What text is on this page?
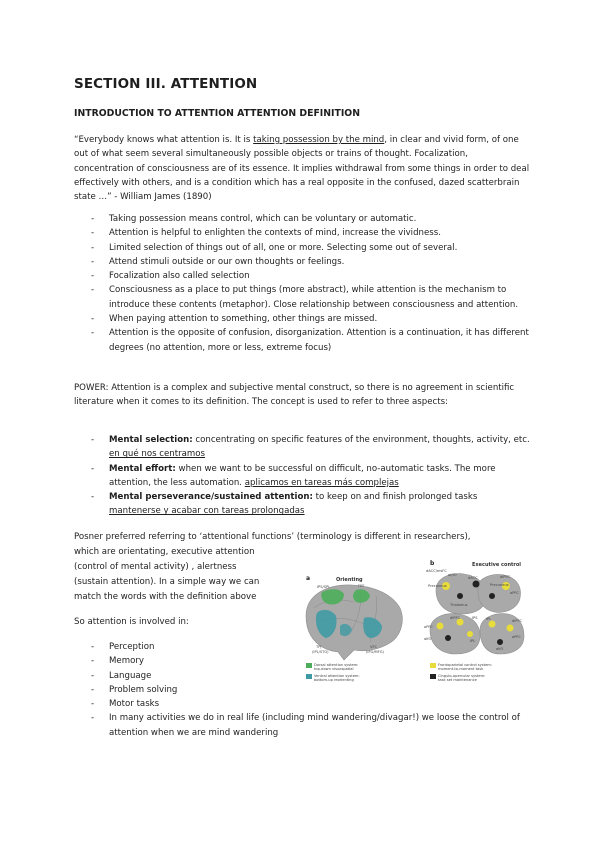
SECTION III. ATTENTION
INTRODUCTION TO ATTENTION ATTENTION DEFINITION

“Everybody knows what attention is. It is taking possession by the mind, in clear and vivid form, of one out of what seem several simultaneously possible objects or trains of thought. Focalization, concentration of consciousness are of its essence. It implies withdrawal from some things in order to deal effectively with others, and is a condition which has a real opposite in the confused, dazed scatterbrain state …” - William James (1890)

- Taking possession means control, which can be voluntary or automatic.
- Attention is helpful to enlighten the contexts of mind, increase the vividness.
- Limited selection of things out of all, one or more. Selecting some out of several.
- Attend stimuli outside or our own thoughts or feelings.
- Focalization also called selection
- Consciousness as a place to put things (more abstract), while attention is the mechanism to introduce these contents (metaphor). Close relationship between consciousness and attention.
- When paying attention to something, other things are missed.
- Attention is the opposite of confusion, disorganization. Attention is a continuation, it has different degrees (no attention, more or less, extreme focus)

POWER: Attention is a complex and subjective mental construct, so there is no agreement in scientific literature when it comes to its definition. The concept is used to refer to three aspects:

- Mental selection: concentrating on specific features of the environment, thoughts, activity, etc. en qué nos centramos
- Mental effort: when we want to be successful on difficult, no-automatic tasks. The more attention, the less automation. aplicamos en tareas más complejas
- Mental perseverance/sustained attention: to keep on and finish prolonged tasks mantenerse y acabar con tareas prolongadas

Posner preferred referring to ‘attentional functions’ (terminology is different in researchers),

which are orientating, executive attention

(control of mental activity) , alertness

(sustain attention). In a simple way we can

match the words with the definition above

So attention is involved in:

- Perception
- Memory
- Language
- Problem solving
- Motor tasks
- In many activities we do in real life (including mind wandering/divagar!) we loose the control of attention when we are mind wandering
a	Orienting
IPS/SPL	FEF
TPJ
(IPL/STG)
VFC
(IFG/MFG)
Dorsal attention system:
top-down visuospatial
Ventral attention system:
bottom-up reorienting
b	Executive control
dACC/msFC
aI/fO
dACC
Precuneus
Thalamus
dlPFC
aPFC
dlPFC	IPS
aPFC
aIfO	IPL
IPL
aIfO
Precuneus
dlPFC
aPFC
Frontoparietal control system:
moment-to-moment task
Cingulo-opercular system:
task set maintenance
